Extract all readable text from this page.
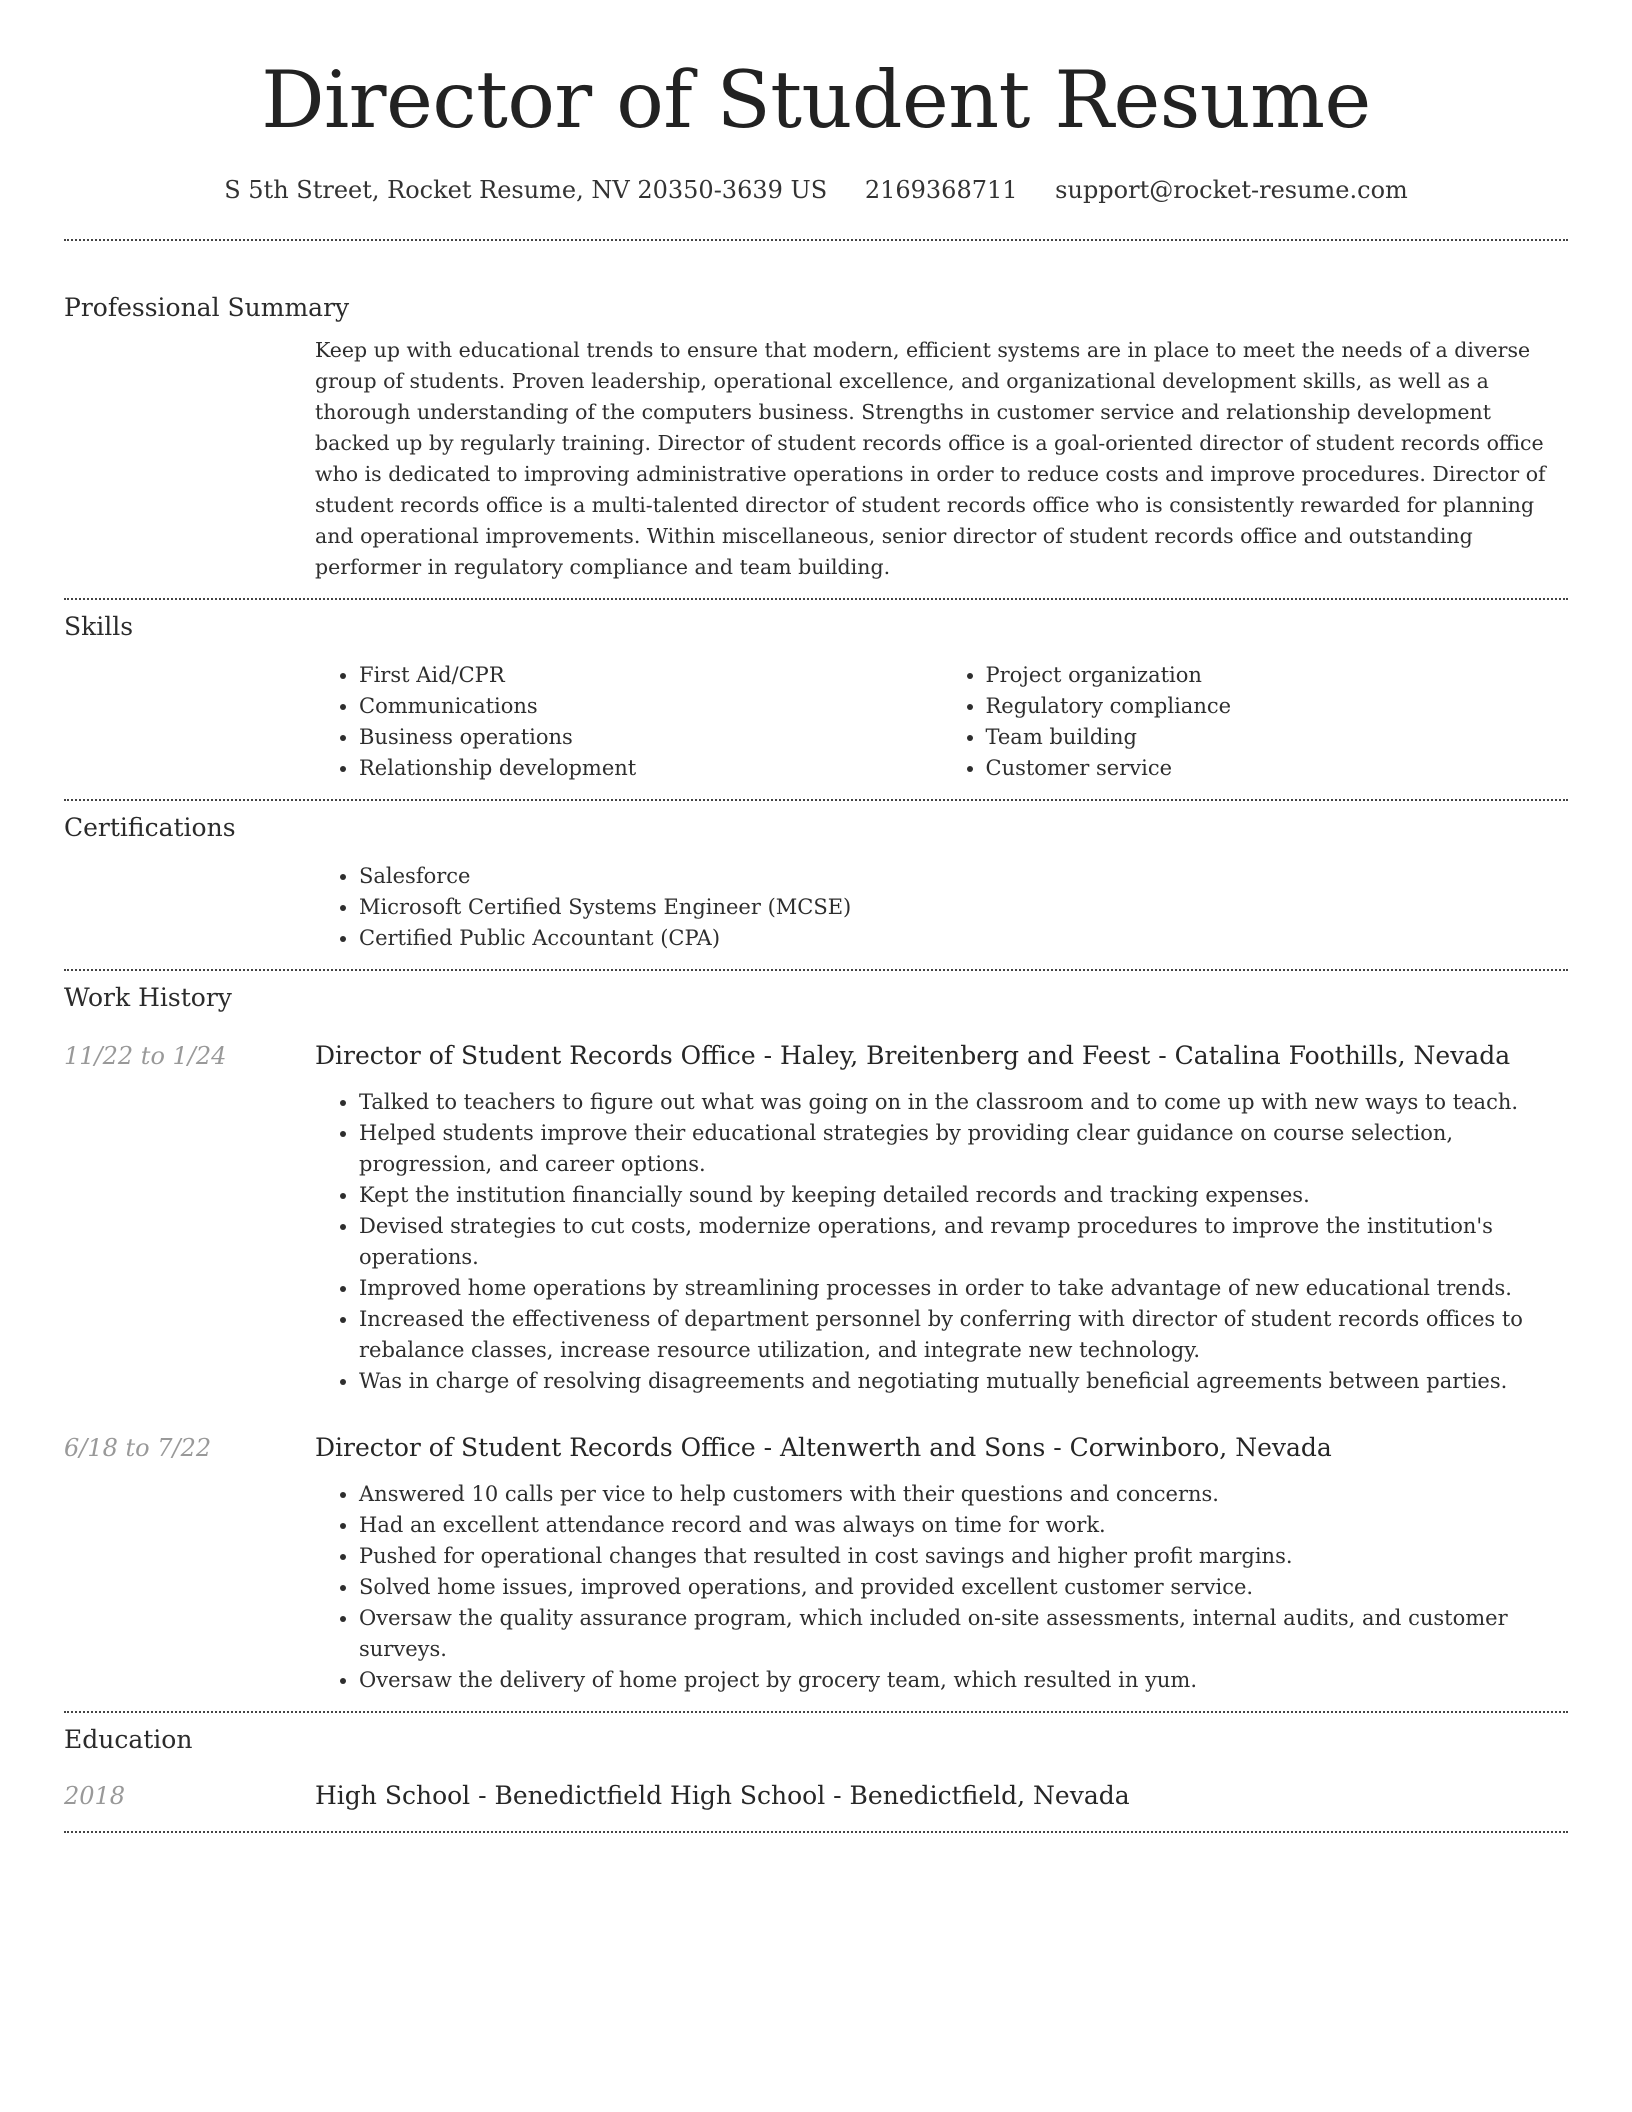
Director of Student Resume
S 5th Street, Rocket Resume, NV 20350-3639 US 2169368711 support@rocket-resume.com
Professional Summary

Keep up with educational trends to ensure that modern, efficient systems are in place to meet the needs of a diverse group of students. Proven leadership, operational excellence, and organizational development skills, as well as a thorough understanding of the computers business. Strengths in customer service and relationship development backed up by regularly training. Director of student records office is a goal-oriented director of student records office who is dedicated to improving administrative operations in order to reduce costs and improve procedures. Director of student records office is a multi-talented director of student records office who is consistently rewarded for planning and operational improvements. Within miscellaneous, senior director of student records office and outstanding performer in regulatory compliance and team building.

Skills
• First Aid/CPR
• Communications
• Business operations
• Relationship development
• Project organization
• Regulatory compliance
• Team building
• Customer service
Certifications
• Salesforce
• Microsoft Certified Systems Engineer (MCSE)
• Certified Public Accountant (CPA)
Work History
11/22 to 1/24	Director of Student Records Office - Haley, Breitenberg and Feest - Catalina Foothills, Nevada
• Talked to teachers to figure out what was going on in the classroom and to come up with new ways to teach.
• Helped students improve their educational strategies by providing clear guidance on course selection, progression, and career options.
• Kept the institution financially sound by keeping detailed records and tracking expenses.
• Devised strategies to cut costs, modernize operations, and revamp procedures to improve the institution's operations.
• Improved home operations by streamlining processes in order to take advantage of new educational trends.
• Increased the effectiveness of department personnel by conferring with director of student records offices to rebalance classes, increase resource utilization, and integrate new technology.
• Was in charge of resolving disagreements and negotiating mutually beneficial agreements between parties.
6/18 to 7/22	Director of Student Records Office - Altenwerth and Sons - Corwinboro, Nevada
• Answered 10 calls per vice to help customers with their questions and concerns.
• Had an excellent attendance record and was always on time for work.
• Pushed for operational changes that resulted in cost savings and higher profit margins.
• Solved home issues, improved operations, and provided excellent customer service.
• Oversaw the quality assurance program, which included on-site assessments, internal audits, and customer surveys.
• Oversaw the delivery of home project by grocery team, which resulted in yum.
Education
2018	High School - Benedictfield High School - Benedictfield, Nevada
